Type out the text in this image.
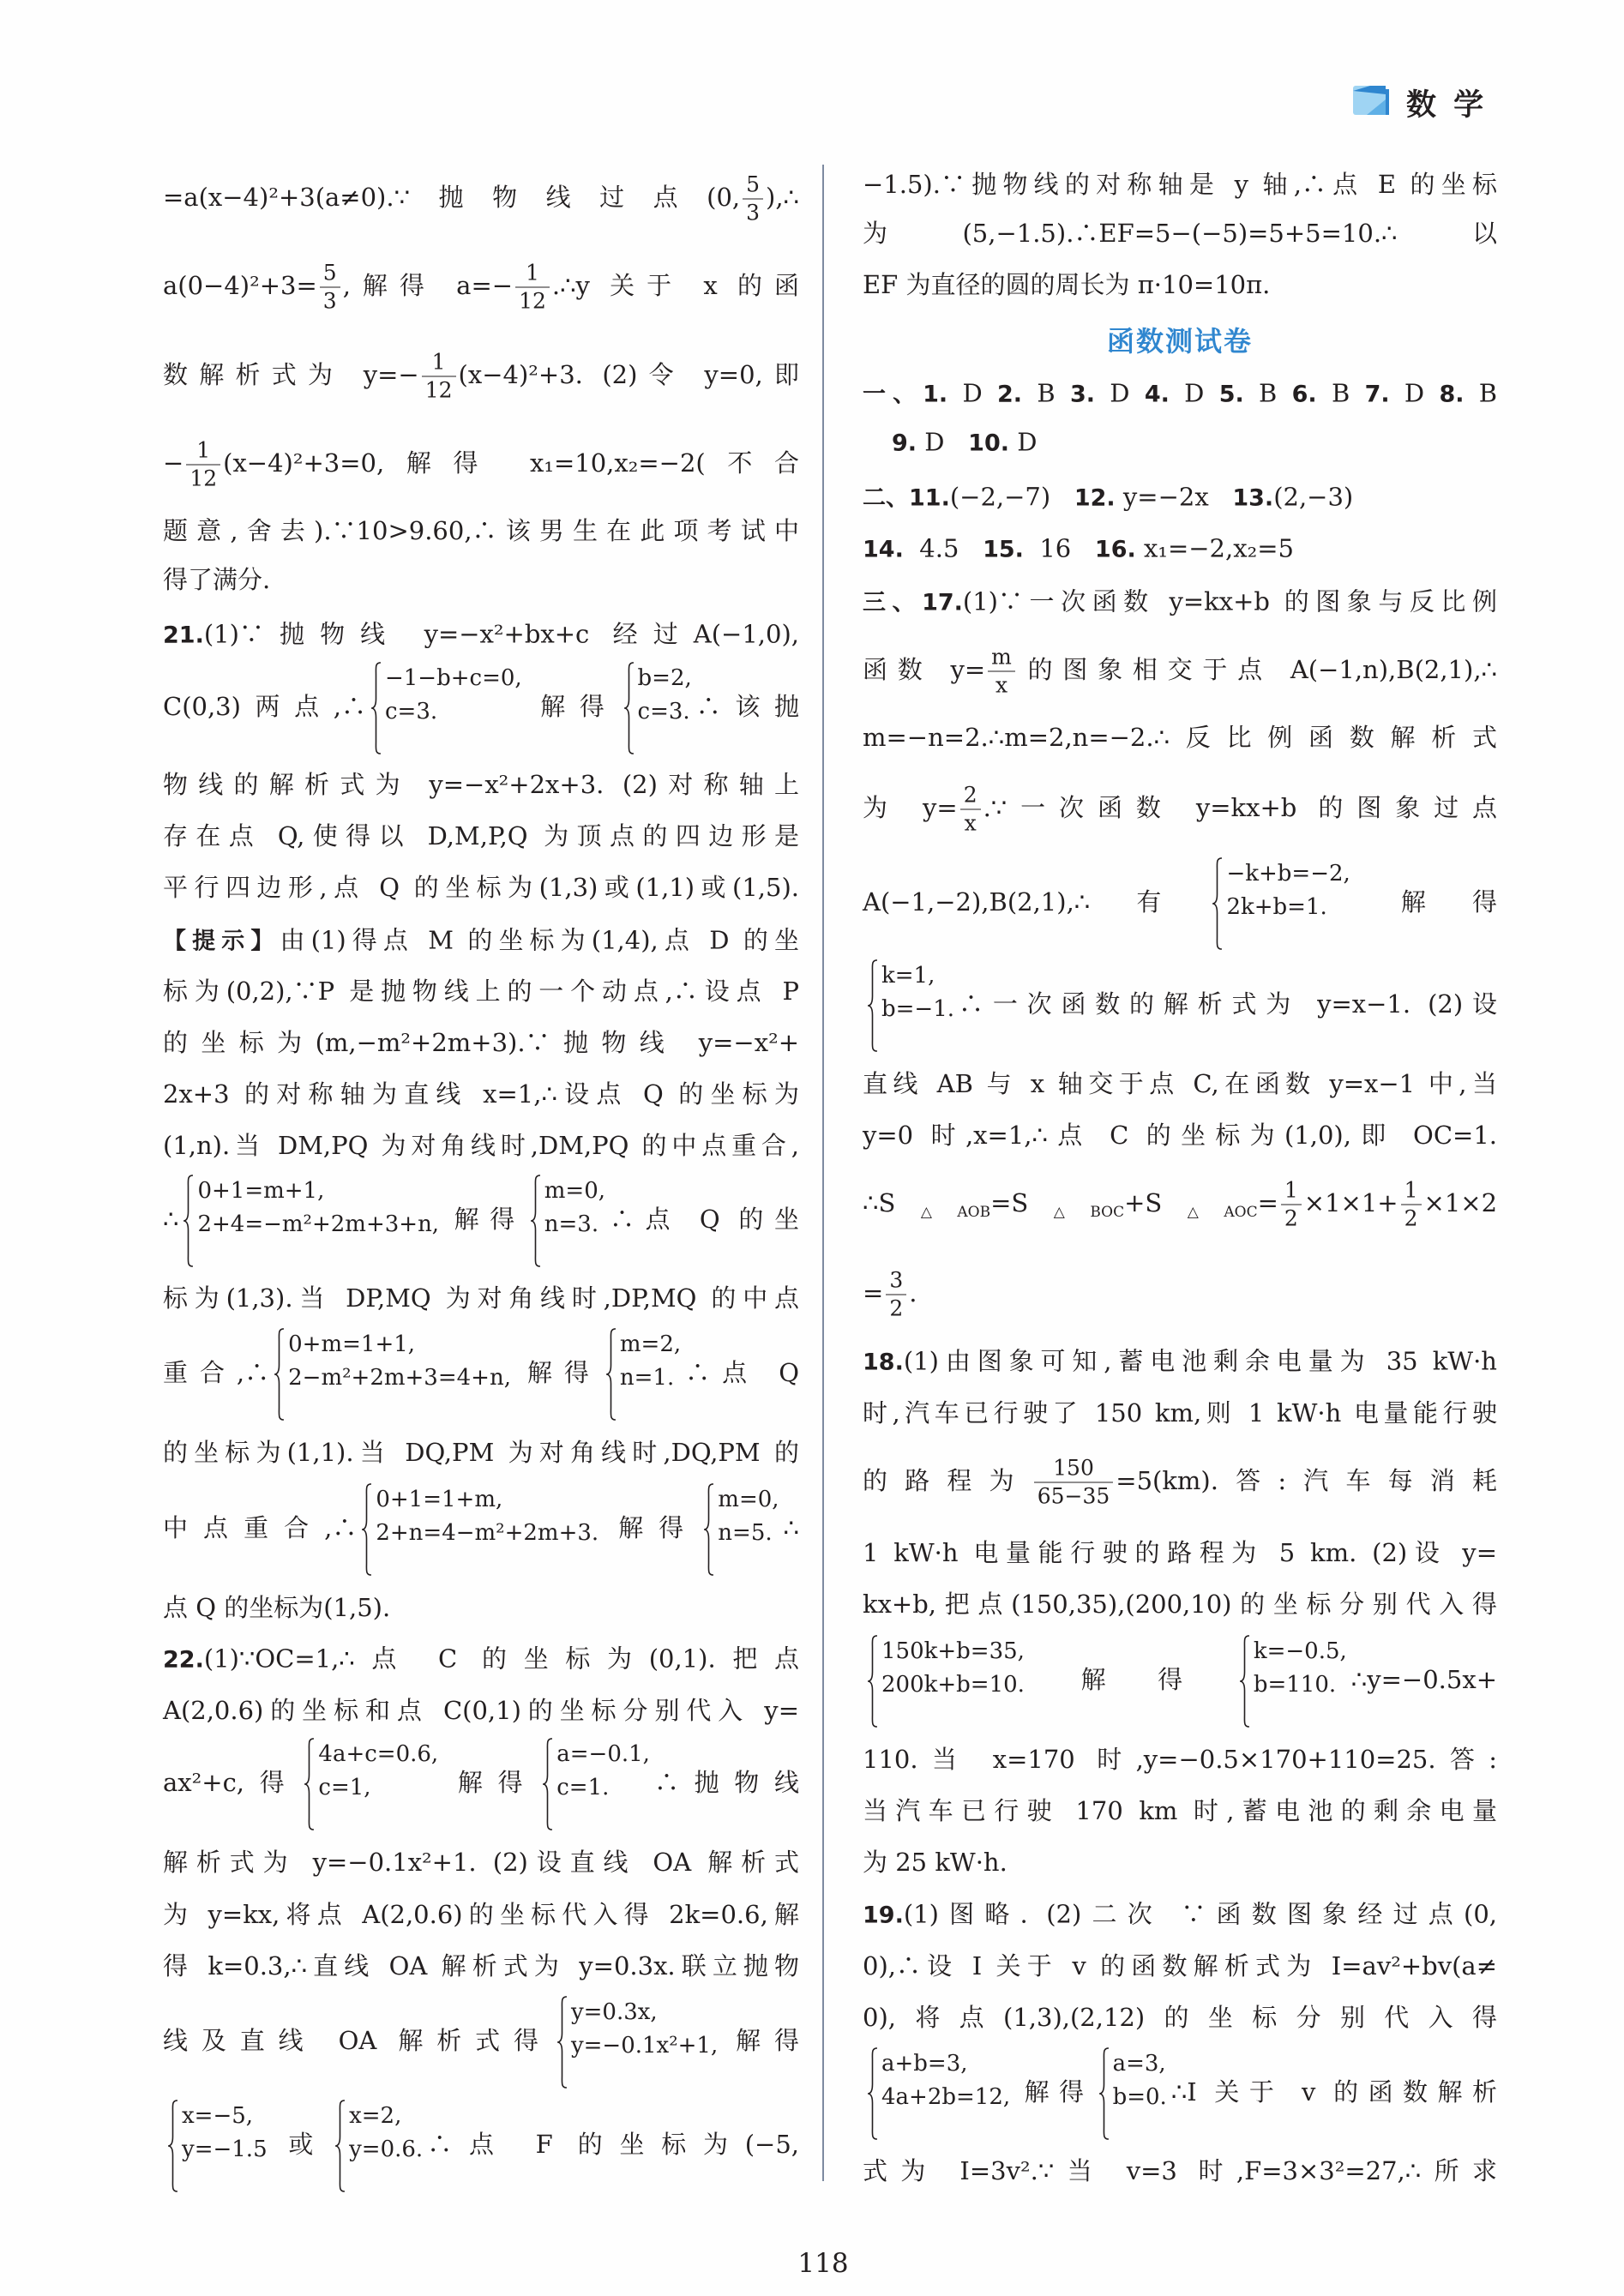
数 学
=a(x−4)²+3(a≠0).∵抛物线过点(0, $\frac{5}{3}$ ),∴
$a(0-4)^2+3= \frac{5}{3}$ ,解得 $a=- \frac{1}{12}$ .∴y 关于 x 的函
数解析式为 $y=- \frac{1}{12} (x-4)^2+3$. (2)令 y=0,即
− $\frac{1}{12} (x-4)^2+3=0$,解得 x₁=10,x₂=−2(不合
题意,舍去).∵10>9.60,∴该男生在此项考试中
得了满分.
21.(1)∵抛物线 y=−x²+bx+c 经过A(−1,0),
C(0,3)两点,∴
−1−b+c=0,
c=3.	解得
b=2,
c=3. ∴该抛
物线的解析式为 y=−x²+2x+3. (2)对称轴上
存在点 Q,使得以 D,M,P,Q 为顶点的四边形是
平行四边形,点 Q 的坐标为(1,3)或(1,1)或(1,5).
【提示】由(1)得点 M 的坐标为(1,4),点 D 的坐
标为(0,2),∵P 是抛物线上的一个动点,∴设点 P
的坐标为(m,−m²+2m+3).∵抛物线 y=−x²+
2x+3 的对称轴为直线 x=1,∴设点 Q 的坐标为
(1,n).当 DM,PQ 为对角线时,DM,PQ 的中点重合,
∴
0+1=m+1,
2+4=−m²+2m+3+n, 解得
m=0,
n=3. ∴点 Q 的坐
标为(1,3).当 DP,MQ 为对角线时,DP,MQ 的中点
重合,∴
0+m=1+1,
2−m²+2m+3=4+n, 解得
m=2,
n=1. ∴点 Q
的坐标为(1,1).当 DQ,PM 为对角线时,DQ,PM 的
中点重合,∴
0+1=1+m,
2+n=4−m²+2m+3. 解得
m=0,
n=5. ∴
点 Q 的坐标为(1,5).
22.(1)∵OC=1,∴点 C 的坐标为(0,1).把点
A(2,0.6)的坐标和点 C(0,1)的坐标分别代入 y=
ax²+c,得
4a+c=0.6,
c=1,	解得
a=−0.1,
c=1.	∴抛物线
解析式为 y=−0.1x²+1. (2)设直线 OA 解析式
为 y=kx,将点 A(2,0.6)的坐标代入得 2k=0.6,解
得 k=0.3,∴直线 OA 解析式为 y=0.3x.联立抛物
线及直线 OA 解析式得
y=0.3x,
y=−0.1x²+1, 解得
x=−5,
y=−1.5 或
x=2,
y=0.6. ∴点 F 的坐标为(−5,
函数测试卷
−1.5).∵抛物线的对称轴是 y 轴,∴点 E 的坐标
为(5,−1.5).∴EF=5−(−5)=5+5=10.∴以
EF 为直径的圆的周长为 π·10=10π.
一、1. D 2. B 3. D 4. D 5. B 6. B 7. D 8. B
9. D   10. D
二、11.(−2,−7)   12. y=−2x   13.(2,−3)
14.  4.5   15.  16   16. x₁=−2,x₂=5
三、17.(1)∵一次函数 y=kx+b 的图象与反比例
函数 $y= \frac{m}{x}$ 的图象相交于点 A(−1,n),B(2,1),∴
m=−n=2.∴m=2,n=−2.∴反比例函数解析式
为 $y= \frac{2}{x}$ .∵一次函数 y=kx+b 的图象过点
A(−1,−2),B(2,1),∴有
−k+b=−2,
2k+b=1.	解得
k=1,
b=−1. ∴一次函数的解析式为 y=x−1. (2)设
直线 AB 与 x 轴交于点 C,在函数 y=x−1 中,当
y=0 时,x=1,∴点 C 的坐标为(1,0),即 OC=1.
$\therefore S_{\triangle AOB}=S_{\triangle BOC}+S_{\triangle AOC}= \frac{1}{2} \times 1\times 1+ \frac{1}{2} \times 1\times 2$
= $\frac{3}{2}$ .
18.(1)由图象可知,蓄电池剩余电量为 35 kW·h
时,汽车已行驶了 150 km,则 1 kW·h 电量能行驶
的路程为 $\frac{150}{65-35} =5(km)$.答:汽车每消耗
1 kW·h 电量能行驶的路程为 5 km. (2)设 y=
kx+b,把点(150,35),(200,10)的坐标分别代入得
150k+b=35,
200k+b=10. 解得
k=−0.5,
b=110. ∴y=−0.5x+
110.当 x=170 时,y=−0.5×170+110=25.答:
当汽车已行驶 170 km 时,蓄电池的剩余电量
为 25 kW·h.
19.(1)图略. (2)二次 ∵函数图象经过点(0,
0),∴设 I 关于 v 的函数解析式为 I=av²+bv(a≠
0),将点(1,3),(2,12)的坐标分别代入得
a+b=3,
4a+2b=12, 解得
a=3,
b=0. ∴I 关于 v 的函数解析
式为 I=3v².∵当 v=3 时,F=3×3²=27,∴所求
118
